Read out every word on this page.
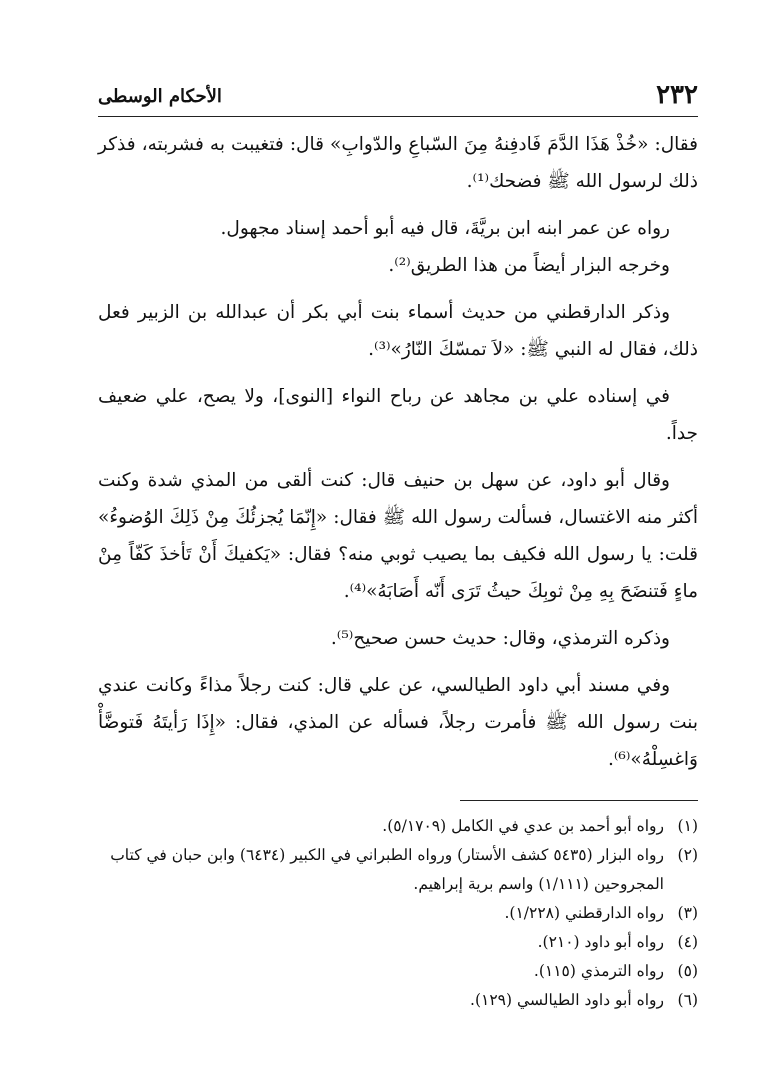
٢٣٢
الأحكام الوسطى

فقال: «خُذْ هَذَا الدَّمَ فَادفِنهُ مِنَ السّباعِ والدّوابِ» قال: فتغيبت به فشربته، فذكر ذلك لرسول الله ﷺ فضحك⁽¹⁾.

رواه عن عمر ابنه ابن بريَّةَ، قال فيه أبو أحمد إسناد مجهول.

وخرجه البزار أيضاً من هذا الطريق⁽²⁾.

وذكر الدارقطني من حديث أسماء بنت أبي بكر أن عبدالله بن الزبير فعل ذلك، فقال له النبي ﷺ: «لاَ تمسّكَ النّارُ»⁽³⁾.

في إسناده علي بن مجاهد عن رباح النواء [النوى]، ولا يصح، علي ضعيف جداً.

وقال أبو داود، عن سهل بن حنيف قال: كنت ألقى من المذي شدة وكنت أكثر منه الاغتسال، فسألت رسول الله ﷺ فقال: «إِنّمَا يُجزئُكَ مِنْ ذَلِكَ الوُضوءُ» قلت: يا رسول الله فكيف بما يصيب ثوبي منه؟ فقال: «يَكفيكَ أَنْ تَأخذَ كَفّاً مِنْ ماءٍ فَتنضَحَ بِهِ مِنْ ثوبِكَ حيثُ تَرَى أَنّه أَصَابَهُ»⁽⁴⁾.

وذكره الترمذي، وقال: حديث حسن صحيح⁽⁵⁾.

وفي مسند أبي داود الطيالسي، عن علي قال: كنت رجلاً مذاءً وكانت عندي بنت رسول الله ﷺ فأمرت رجلاً، فسأله عن المذي، فقال: «إِذَا رَأيتَهُ فَتوضَّأْ وَاغسِلْهُ»⁽⁶⁾.

(١)
رواه أبو أحمد بن عدي في الكامل (٥/١٧٠٩).
(٢)
رواه البزار (٥٤٣٥ كشف الأستار) ورواه الطبراني في الكبير (٦٤٣٤) وابن حبان في كتاب المجروحين (١/١١١) واسم برية إبراهيم.
(٣)
رواه الدارقطني (١/٢٢٨).
(٤)
رواه أبو داود (٢١٠).
(٥)
رواه الترمذي (١١٥).
(٦)
رواه أبو داود الطيالسي (١٢٩).
